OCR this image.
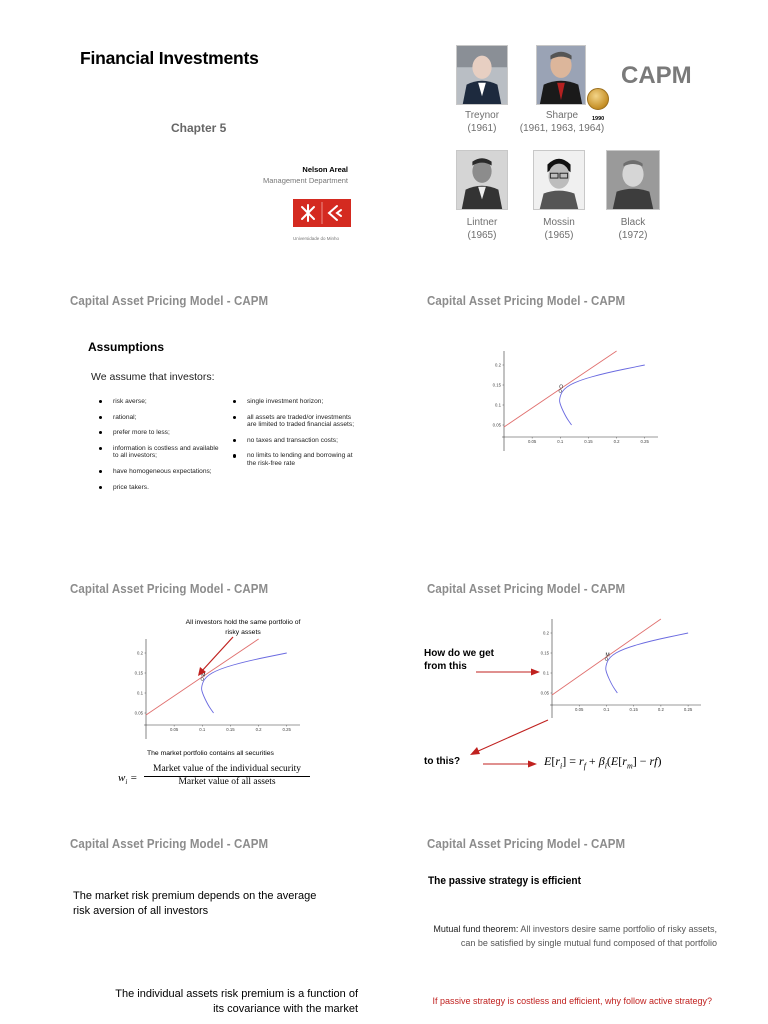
Financial Investments
Chapter 5
Nelson Areal
Management Department
Universidade do Minho
CAPM
Treynor
(1961)
1990
Sharpe
(1961, 1963, 1964)
Lintner
(1965)
Mossin
(1965)
Black
(1972)
Capital Asset Pricing Model - CAPM
Assumptions
We assume that investors:
risk averse;
rational;
prefer more to less;
information is costless and available to all investors;
have homogeneous expectations;
price takers.
single investment horizon;
all assets are traded/or investments are limited to traded financial assets;
no taxes and transaction costs;
no limits to lending and borrowing at the risk-free rate
Capital Asset Pricing Model - CAPM
0.05	0.1	0.15	0.2	0.25
0.05
0.1
0.15
0.2
O
Capital Asset Pricing Model - CAPM
All investors hold the same portfolio of risky assets
0.05	0.1	0.15	0.2	0.25
0.05
0.1
0.15
0.2
M
The market portfolio contains all securities
$w_i$ =
Market value of the individual security
Market value of all assets
Capital Asset Pricing Model - CAPM
0.05	0.1	0.15	0.2	0.25
0.05
0.1
0.15
0.2
M
How do we get
from this
to this?	$E[r_i] = r_f + \beta_i(E[r_m] - rf)$
Capital Asset Pricing Model - CAPM
The market risk premium depends on the average risk aversion of all investors
The individual assets risk premium is a function of its covariance with the market
Capital Asset Pricing Model - CAPM
The passive strategy is efficient
Mutual fund theorem: All investors desire same portfolio of risky assets, can be satisfied by single mutual fund composed of that portfolio
If passive strategy is costless and efficient, why follow active strategy?
